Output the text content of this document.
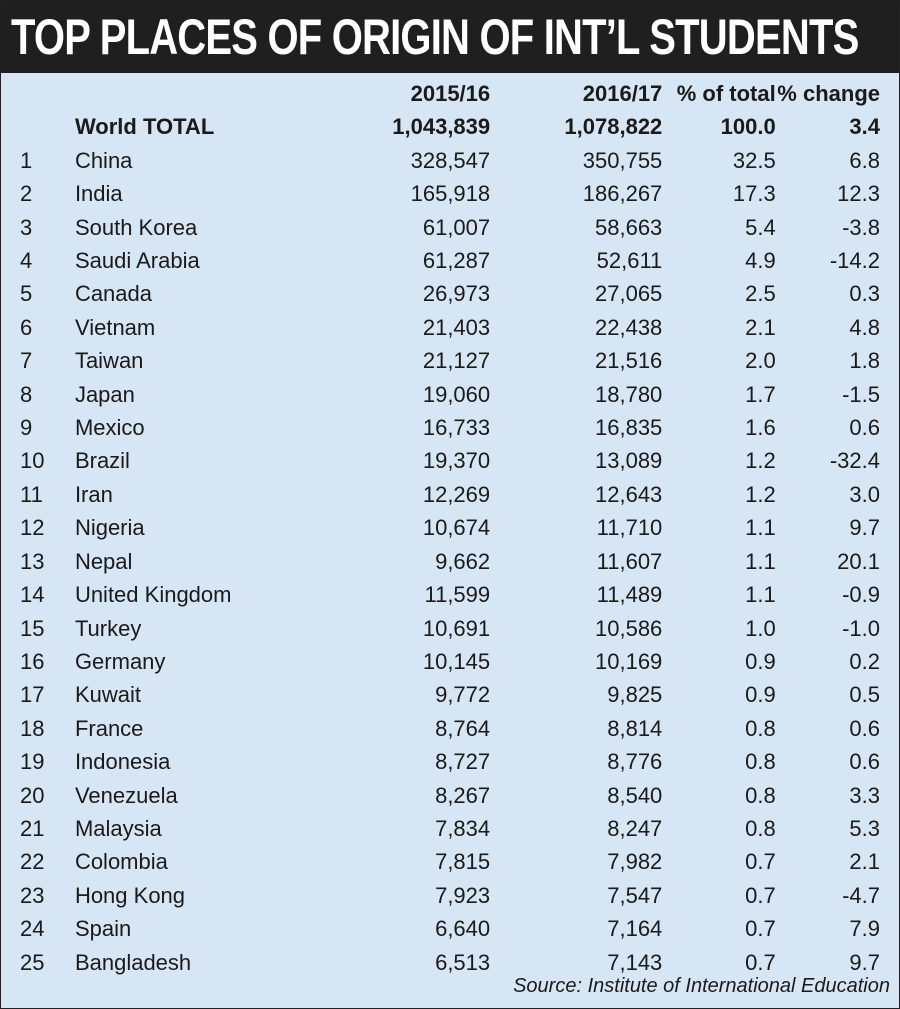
TOP PLACES OF ORIGIN OF INT’L STUDENTS
		2015/16	2016/17	% of total	% change
	World TOTAL	1,043,839	1,078,822	100.0	3.4
1	China	328,547	350,755	32.5	6.8
2	India	165,918	186,267	17.3	12.3
3	South Korea	61,007	58,663	5.4	-3.8
4	Saudi Arabia	61,287	52,611	4.9	-14.2
5	Canada	26,973	27,065	2.5	0.3
6	Vietnam	21,403	22,438	2.1	4.8
7	Taiwan	21,127	21,516	2.0	1.8
8	Japan	19,060	18,780	1.7	-1.5
9	Mexico	16,733	16,835	1.6	0.6
10	Brazil	19,370	13,089	1.2	-32.4
11	Iran	12,269	12,643	1.2	3.0
12	Nigeria	10,674	11,710	1.1	9.7
13	Nepal	9,662	11,607	1.1	20.1
14	United Kingdom	11,599	11,489	1.1	-0.9
15	Turkey	10,691	10,586	1.0	-1.0
16	Germany	10,145	10,169	0.9	0.2
17	Kuwait	9,772	9,825	0.9	0.5
18	France	8,764	8,814	0.8	0.6
19	Indonesia	8,727	8,776	0.8	0.6
20	Venezuela	8,267	8,540	0.8	3.3
21	Malaysia	7,834	8,247	0.8	5.3
22	Colombia	7,815	7,982	0.7	2.1
23	Hong Kong	7,923	7,547	0.7	-4.7
24	Spain	6,640	7,164	0.7	7.9
25	Bangladesh	6,513	7,143	0.7	9.7
Source: Institute of International Education
